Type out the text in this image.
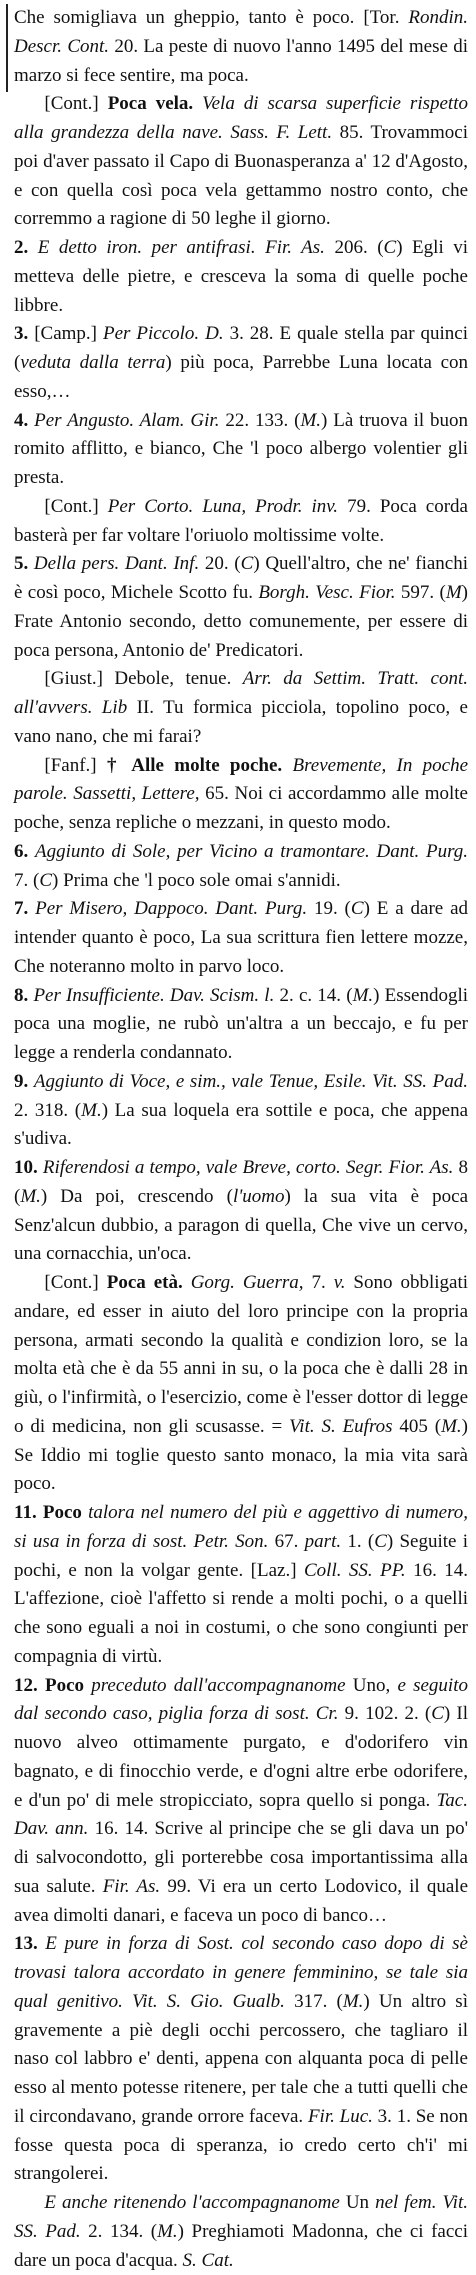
Che somigliava un gheppio, tanto è poco. [Tor. Rondin. Descr. Cont. 20. La peste di nuovo l'anno 1495 del mese di marzo si fece sentire, ma poca.

[Cont.] Poca vela. Vela di scarsa superficie rispetto alla grandezza della nave. Sass. F. Lett. 85. Trovammoci poi d'aver passato il Capo di Buonasperanza a' 12 d'Agosto, e con quella così poca vela gettammo nostro conto, che corremmo a ragione di 50 leghe il giorno.

2. E detto iron. per antifrasi. Fir. As. 206. (C) Egli vi metteva delle pietre, e cresceva la soma di quelle poche libbre.

3. [Camp.] Per Piccolo. D. 3. 28. E quale stella par quinci (veduta dalla terra) più poca, Parrebbe Luna locata con esso,…

4. Per Angusto. Alam. Gir. 22. 133. (M.) Là truova il buon romito afflitto, e bianco, Che 'l poco albergo volentier gli presta.

[Cont.] Per Corto. Luna, Prodr. inv. 79. Poca corda basterà per far voltare l'oriuolo moltissime volte.

5. Della pers. Dant. Inf. 20. (C) Quell'altro, che ne' fianchi è così poco, Michele Scotto fu. Borgh. Vesc. Fior. 597. (M) Frate Antonio secondo, detto comunemente, per essere di poca persona, Antonio de' Predicatori.

[Giust.] Debole, tenue. Arr. da Settim. Tratt. cont. all'avvers. Lib II. Tu formica picciola, topolino poco, e vano nano, che mi farai?

[Fanf.] † Alle molte poche. Brevemente, In poche parole. Sassetti, Lettere, 65. Noi ci accordammo alle molte poche, senza repliche o mezzani, in questo modo.

6. Aggiunto di Sole, per Vicino a tramontare. Dant. Purg. 7. (C) Prima che 'l poco sole omai s'annidi.

7. Per Misero, Dappoco. Dant. Purg. 19. (C) E a dare ad intender quanto è poco, La sua scrittura fien lettere mozze, Che noteranno molto in parvo loco.

8. Per Insufficiente. Dav. Scism. l. 2. c. 14. (M.) Essendogli poca una moglie, ne rubò un'altra a un beccajo, e fu per legge a renderla condannato.

9. Aggiunto di Voce, e sim., vale Tenue, Esile. Vit. SS. Pad. 2. 318. (M.) La sua loquela era sottile e poca, che appena s'udiva.

10. Riferendosi a tempo, vale Breve, corto. Segr. Fior. As. 8 (M.) Da poi, crescendo (l'uomo) la sua vita è poca Senz'alcun dubbio, a paragon di quella, Che vive un cervo, una cornacchia, un'oca.

[Cont.] Poca età. Gorg. Guerra, 7. v. Sono obbligati andare, ed esser in aiuto del loro principe con la propria persona, armati secondo la qualità e condizion loro, se la molta età che è da 55 anni in su, o la poca che è dalli 28 in giù, o l'infirmità, o l'esercizio, come è l'esser dottor di legge o di medicina, non gli scusasse. = Vit. S. Eufros 405 (M.) Se Iddio mi toglie questo santo monaco, la mia vita sarà poco.

11. Poco talora nel numero del più e aggettivo di numero, si usa in forza di sost. Petr. Son. 67. part. 1. (C) Seguite i pochi, e non la volgar gente. [Laz.] Coll. SS. PP. 16. 14. L'affezione, cioè l'affetto si rende a molti pochi, o a quelli che sono eguali a noi in costumi, o che sono congiunti per compagnia di virtù.

12. Poco preceduto dall'accompagnanome Uno, e seguito dal secondo caso, piglia forza di sost. Cr. 9. 102. 2. (C) Il nuovo alveo ottimamente purgato, e d'odorifero vin bagnato, e di finocchio verde, e d'ogni altre erbe odorifere, e d'un po' di mele stropicciato, sopra quello si ponga. Tac. Dav. ann. 16. 14. Scrive al principe che se gli dava un po' di salvocondotto, gli porterebbe cosa importantissima alla sua salute. Fir. As. 99. Vi era un certo Lodovico, il quale avea dimolti danari, e faceva un poco di banco…

13. E pure in forza di Sost. col secondo caso dopo di sè trovasi talora accordato in genere femminino, se tale sia qual genitivo. Vit. S. Gio. Gualb. 317. (M.) Un altro sì gravemente a piè degli occhi percossero, che tagliaro il naso col labbro e' denti, appena con alquanta poca di pelle esso al mento potesse ritenere, per tale che a tutti quelli che il circondavano, grande orrore faceva. Fir. Luc. 3. 1. Se non fosse questa poca di speranza, io credo certo ch'i' mi strangolerei.

E anche ritenendo l'accompagnanome Un nel fem. Vit. SS. Pad. 2. 134. (M.) Preghiamoti Madonna, che ci facci dare un poca d'acqua. S. Cat.
